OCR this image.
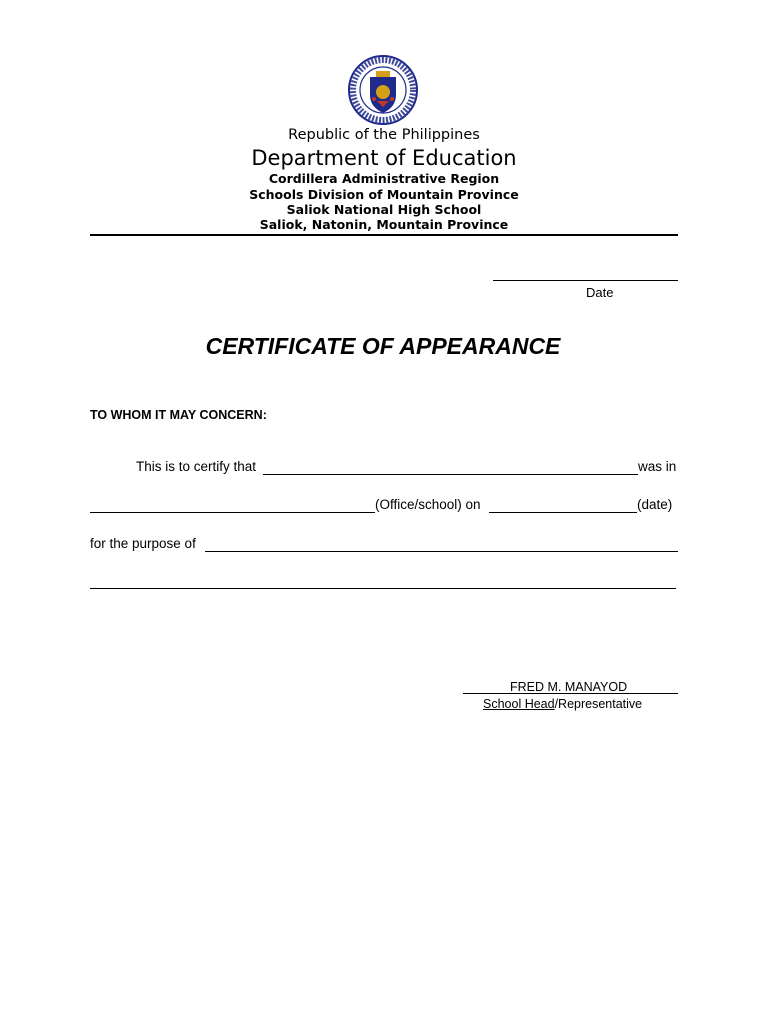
Republic of the Philippines
Department of Education
Cordillera Administrative Region
Schools Division of Mountain Province
Saliok National High School
Saliok, Natonin, Mountain Province
Date
CERTIFICATE OF APPEARANCE
TO WHOM IT MAY CONCERN:
This is to certify that	was in
(Office/school) on	(date)
for the purpose of
FRED M. MANAYOD
School Head/Representative
